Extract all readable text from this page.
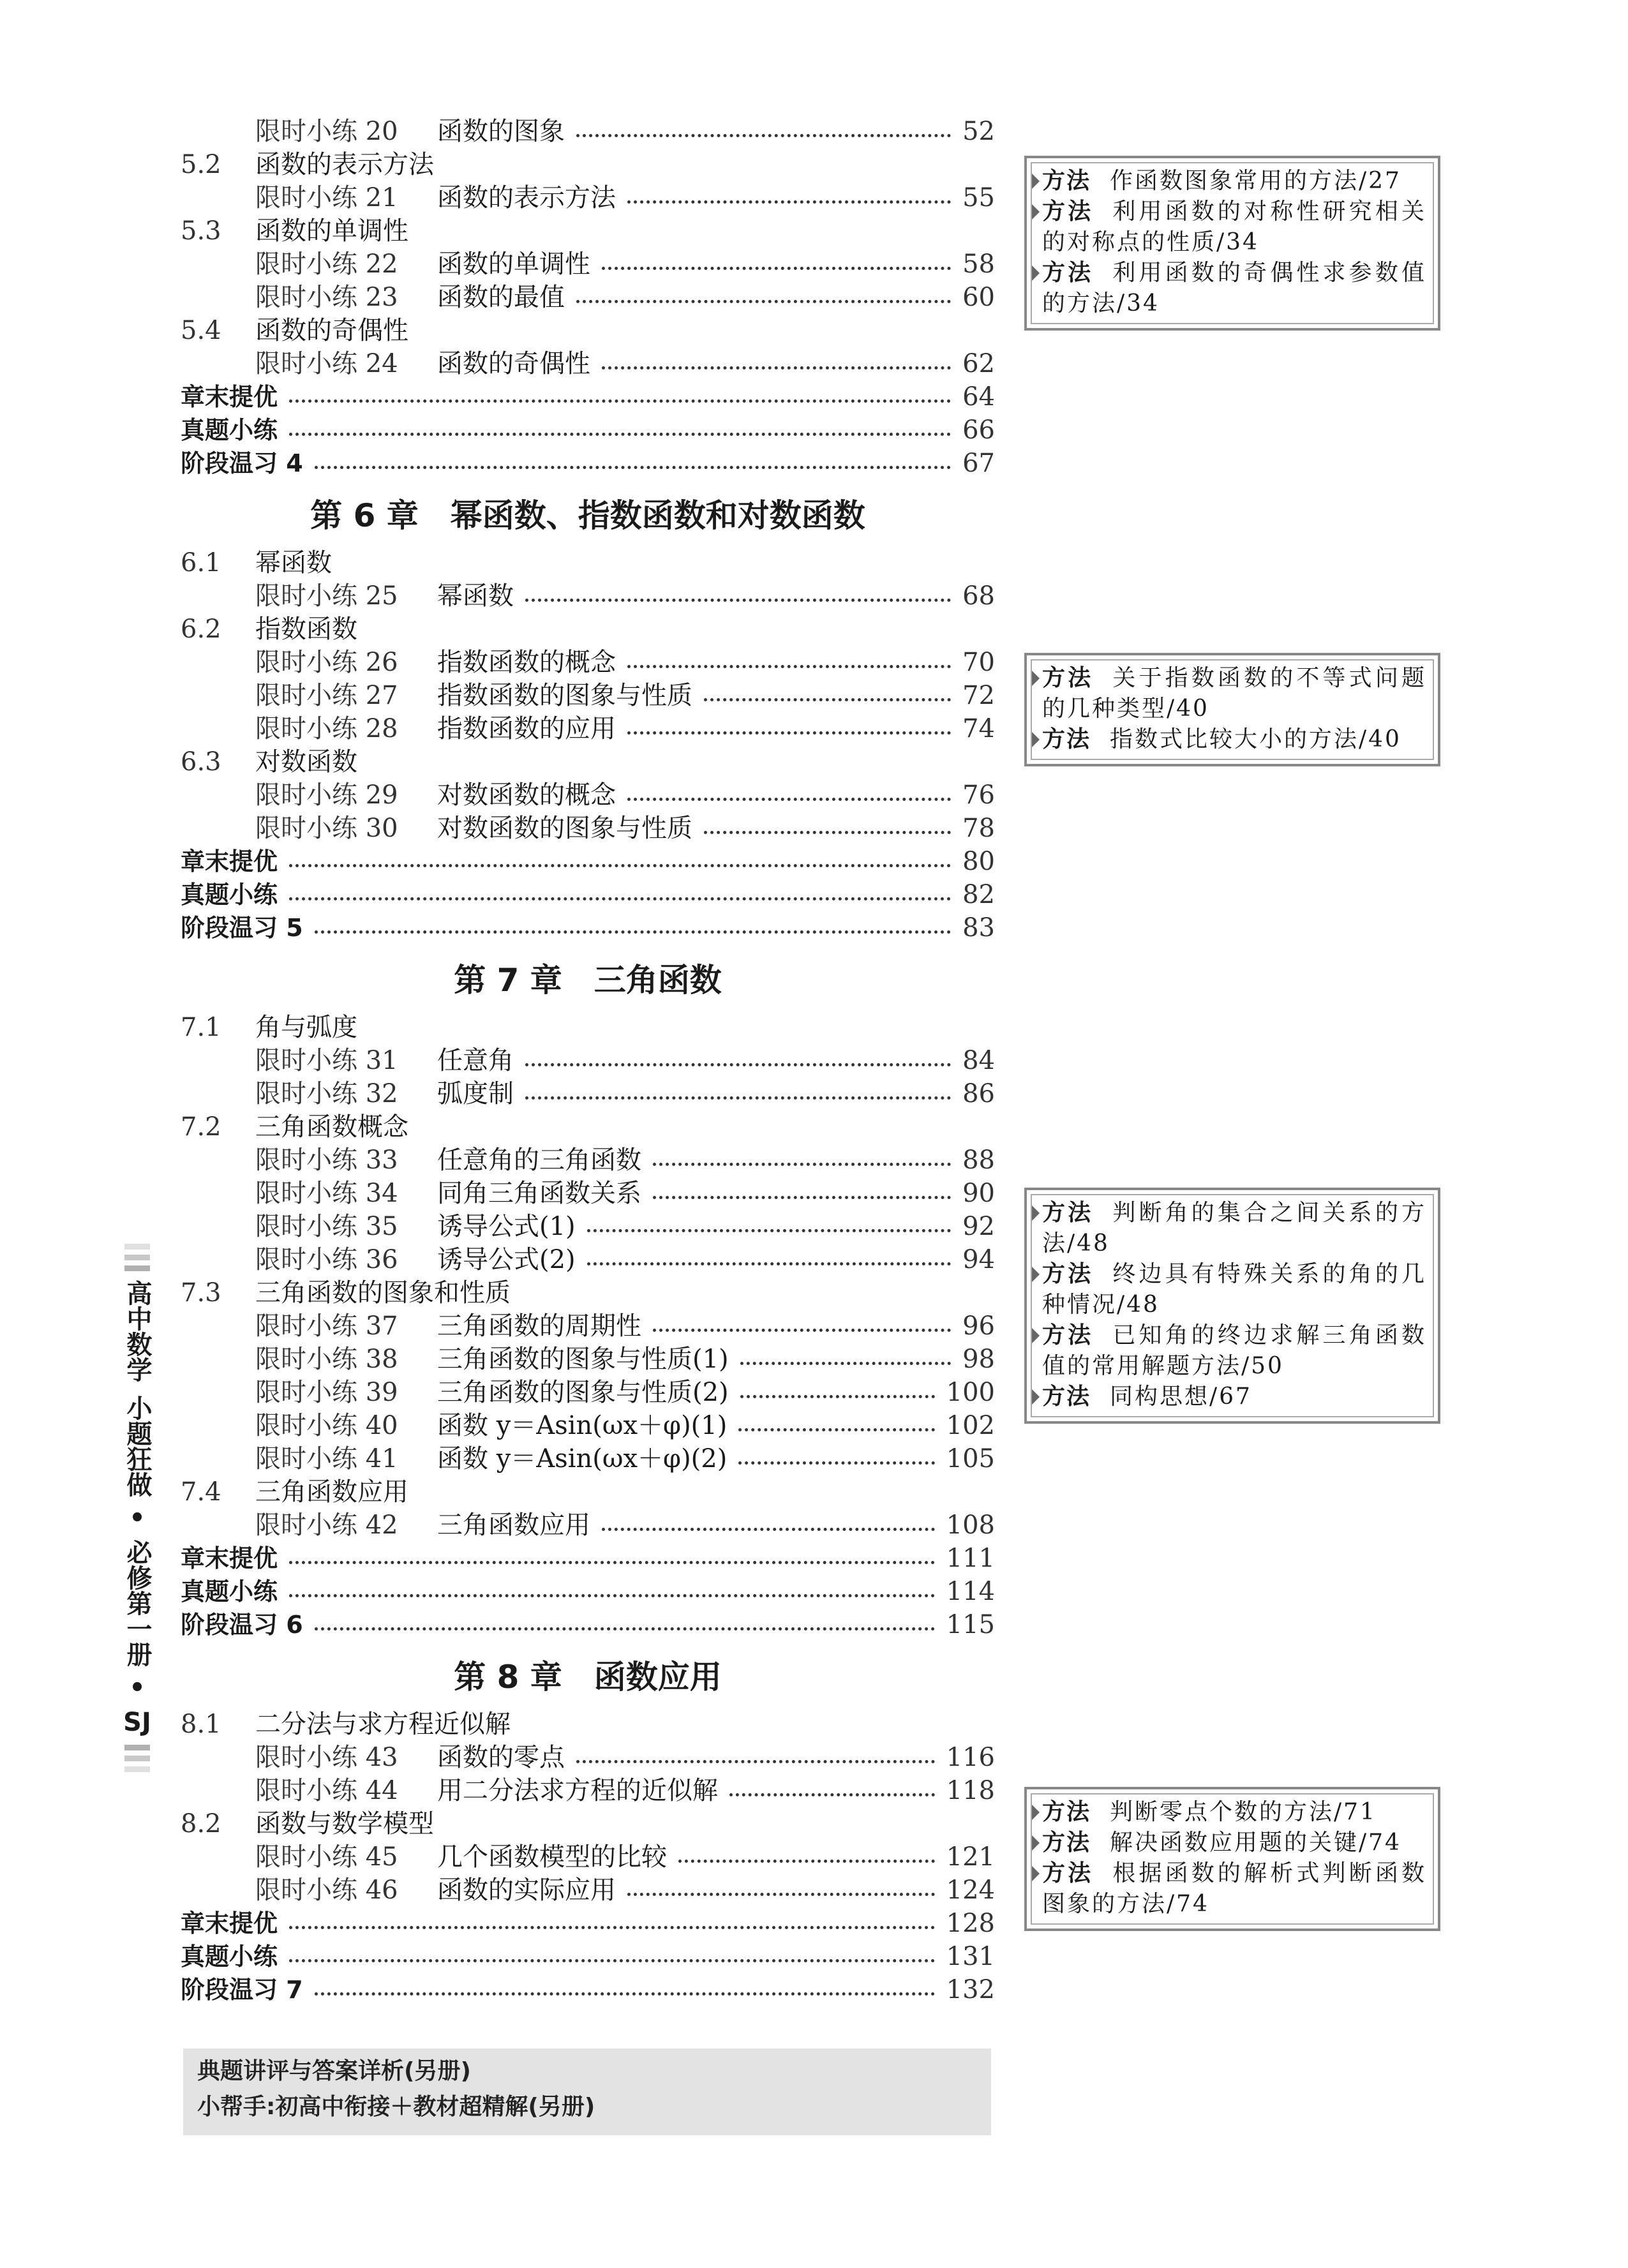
限时小练 20	函数的图象	52
5.2	函数的表示方法
限时小练 21	函数的表示方法	55
5.3	函数的单调性
限时小练 22	函数的单调性	58
限时小练 23	函数的最值	60
5.4	函数的奇偶性
限时小练 24	函数的奇偶性	62
章末提优	64
真题小练	66
阶段温习 4	67
第 6 章　幂函数、指数函数和对数函数
6.1	幂函数
限时小练 25	幂函数	68
6.2	指数函数
限时小练 26	指数函数的概念	70
限时小练 27	指数函数的图象与性质	72
限时小练 28	指数函数的应用	74
6.3	对数函数
限时小练 29	对数函数的概念	76
限时小练 30	对数函数的图象与性质	78
章末提优	80
真题小练	82
阶段温习 5	83
第 7 章　三角函数
7.1	角与弧度
限时小练 31	任意角	84
限时小练 32	弧度制	86
7.2	三角函数概念
限时小练 33	任意角的三角函数	88
限时小练 34	同角三角函数关系	90
限时小练 35	诱导公式(1)	92
限时小练 36	诱导公式(2)	94
7.3	三角函数的图象和性质
限时小练 37	三角函数的周期性	96
限时小练 38	三角函数的图象与性质(1)	98
限时小练 39	三角函数的图象与性质(2)	100
限时小练 40	函数 y＝Asin(ωx＋φ)(1)	102
限时小练 41	函数 y＝Asin(ωx＋φ)(2)	105
7.4	三角函数应用
限时小练 42	三角函数应用	108
章末提优	111
真题小练	114
阶段温习 6	115
第 8 章　函数应用
8.1	二分法与求方程近似解
限时小练 43	函数的零点	116
限时小练 44	用二分法求方程的近似解	118
8.2	函数与数学模型
限时小练 45	几个函数模型的比较	121
限时小练 46	函数的实际应用	124
章末提优	128
真题小练	131
阶段温习 7	132
方法 作函数图象常用的方法/27
方法 利用函数的对称性研究相关的对称点的性质/34
方法 利用函数的奇偶性求参数值的方法/34
方法 关于指数函数的不等式问题的几种类型/40
方法 指数式比较大小的方法/40
方法 判断角的集合之间关系的方法/48
方法 终边具有特殊关系的角的几种情况/48
方法 已知角的终边求解三角函数值的常用解题方法/50
方法 同构思想/67
方法 判断零点个数的方法/71
方法 解决函数应用题的关键/74
方法 根据函数的解析式判断函数图象的方法/74
典题讲评与答案详析(另册)
小帮手:初高中衔接＋教材超精解(另册)
高中数学
小题狂做
•
必修第一册
•
SJ
